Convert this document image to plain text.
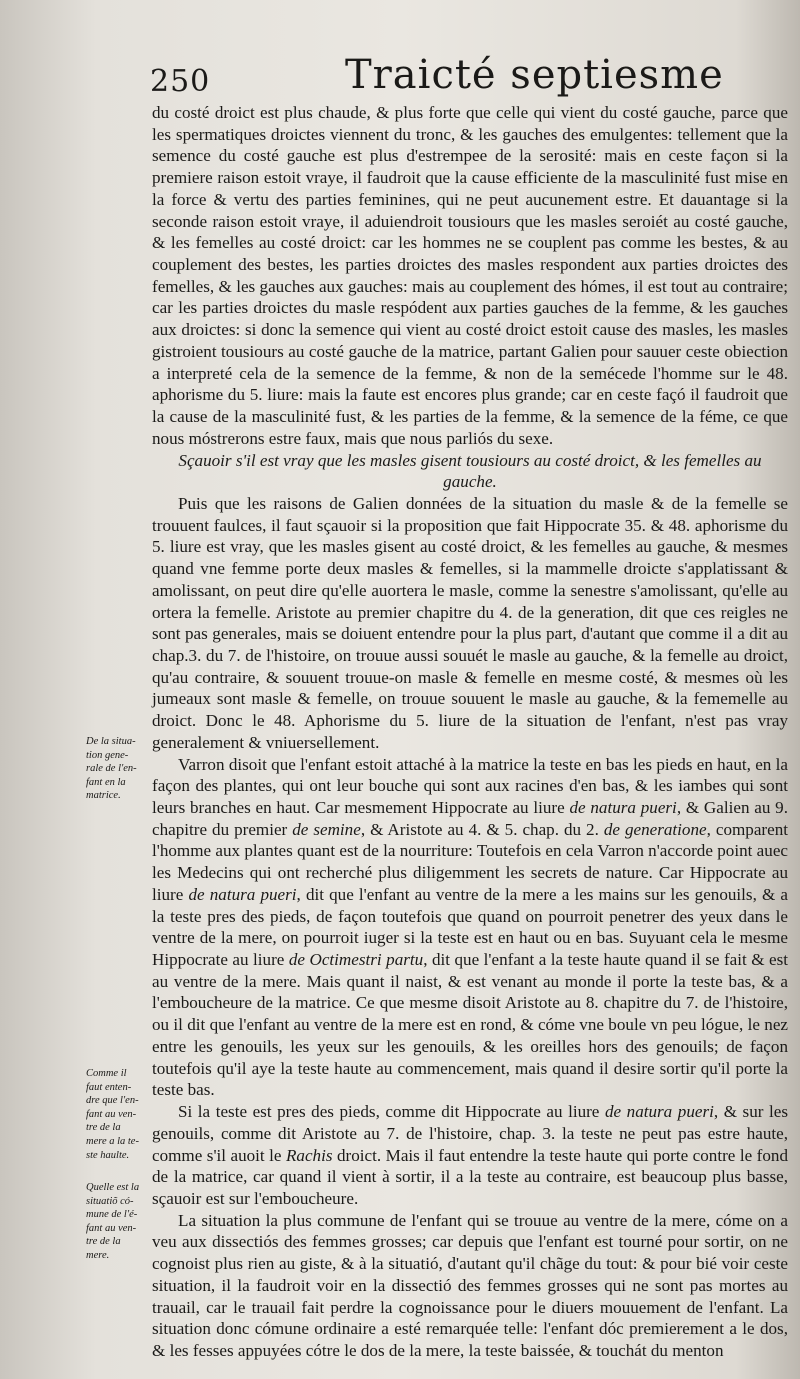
250	Traicté septiesme

du costé droict est plus chaude, & plus forte que celle qui vient du costé gauche, parce que les spermatiques droictes viennent du tronc, & les gauches des emulgentes: tellement que la semence du costé gauche est plus d'estrempee de la serosité: mais en ceste façon si la premiere raison estoit vraye, il faudroit que la cause efficiente de la masculinité fust mise en la force & vertu des parties feminines, qui ne peut aucunement estre. Et dauantage si la seconde raison estoit vraye, il aduiendroit tousiours que les masles seroiét au costé gauche, & les femelles au costé droict: car les hommes ne se couplent pas comme les bestes, & au couplement des bestes, les parties droictes des masles respondent aux parties droictes des femelles, & les gauches aux gauches: mais au couplement des hómes, il est tout au contraire; car les parties droictes du masle respódent aux parties gauches de la femme, & les gauches aux droictes: si donc la semence qui vient au costé droict estoit cause des masles, les masles gistroient tousiours au costé gauche de la matrice, partant Galien pour sauuer ceste obiection a interpreté cela de la semence de la femme, & non de la semécede l'homme sur le 48. aphorisme du 5. liure: mais la faute est encores plus grande; car en ceste façó il faudroit que la cause de la masculinité fust, & les parties de la femme, & la semence de la féme, ce que nous móstrerons estre faux, mais que nous parliós du sexe.

Sçauoir s'il est vray que les masles gisent tousiours au costé droict, & les femelles au gauche.

Puis que les raisons de Galien données de la situation du masle & de la femelle se trouuent faulces, il faut sçauoir si la proposition que fait Hippocrate 35. & 48. aphorisme du 5. liure est vray, que les masles gisent au costé droict, & les femelles au gauche, & mesmes quand vne femme porte deux masles & femelles, si la mammelle droicte s'applatissant & amolissant, on peut dire qu'elle auortera le masle, comme la senestre s'amolissant, qu'elle au ortera la femelle. Aristote au premier chapitre du 4. de la generation, dit que ces reigles ne sont pas generales, mais se doiuent entendre pour la plus part, d'autant que comme il a dit au chap.3. du 7. de l'histoire, on trouue aussi souuét le masle au gauche, & la femelle au droict, qu'au contraire, & souuent trouue-on masle & femelle en mesme costé, & mesmes où les jumeaux sont masle & femelle, on trouue souuent le masle au gauche, & la fememelle au droict. Donc le 48. Aphorisme du 5. liure de la situation de l'enfant, n'est pas vray generalement & vniuersellement.

Varron disoit que l'enfant estoit attaché à la matrice la teste en bas les pieds en haut, en la façon des plantes, qui ont leur bouche qui sont aux racines d'en bas, & les iambes qui sont leurs branches en haut. Car mesmement Hippocrate au liure de natura pueri, & Galien au 9. chapitre du premier de semine, & Aristote au 4. & 5. chap. du 2. de generatione, comparent l'homme aux plantes quant est de la nourriture: Toutefois en cela Varron n'accorde point auec les Medecins qui ont recherché plus diligemment les secrets de nature. Car Hippocrate au liure de natura pueri, dit que l'enfant au ventre de la mere a les mains sur les genouils, & a la teste pres des pieds, de façon toutefois que quand on pourroit penetrer des yeux dans le ventre de la mere, on pourroit iuger si la teste est en haut ou en bas. Suyuant cela le mesme Hippocrate au liure de Octimestri partu, dit que l'enfant a la teste haute quand il se fait & est au ventre de la mere. Mais quant il naist, & est venant au monde il porte la teste bas, & a l'embouchеure de la matrice. Ce que mesme disoit Aristote au 8. chapitre du 7. de l'histoire, ou il dit que l'enfant au ventre de la mere est en rond, & cóme vne boule vn peu lógue, le nez entre les genouils, les yeux sur les genouils, & les oreilles hors des genouils; de façon toutefois qu'il aye la teste haute au commencement, mais quand il desire sortir qu'il porte la teste bas.

Si la teste est pres des pieds, comme dit Hippocrate au liure de natura pueri, & sur les genouils, comme dit Aristote au 7. de l'histoire, chap. 3. la teste ne peut pas estre haute, comme s'il auoit le Rachis droict. Mais il faut entendre la teste haute qui porte contre le fond de la matrice, car quand il vient à sortir, il a la teste au contraire, est beaucoup plus basse, sçauoir est sur l'emboucheure.

La situation la plus commune de l'enfant qui se trouue au ventre de la mere, cóme on a veu aux dissectiós des femmes grosses; car depuis que l'enfant est tourné pour sortir, on ne cognoist plus rien au giste, & à la situatió, d'autant qu'il chãge du tout: & pour bié voir ceste situation, il la faudroit voir en la dissectió des femmes grosses qui ne sont pas mortes au trauail, car le trauail fait perdre la cognoissance pour le diuers mouuement de l'enfant. La situation donc cómune ordinaire a esté remarquée telle: l'enfant dóc premierement a le dos, & les fesses appuyées cótre le dos de la mere, la teste baissée, & touchát du menton

De la situa-
tion gene-
rale de l'en-
fant en la
matrice.
Comme il
faut enten-
dre que l'en-
fant au ven-
tre de la
mere a la te-
ste haulte.
Quelle est la
situatiõ có-
mune de l'é-
fant au ven-
tre de la
mere.
